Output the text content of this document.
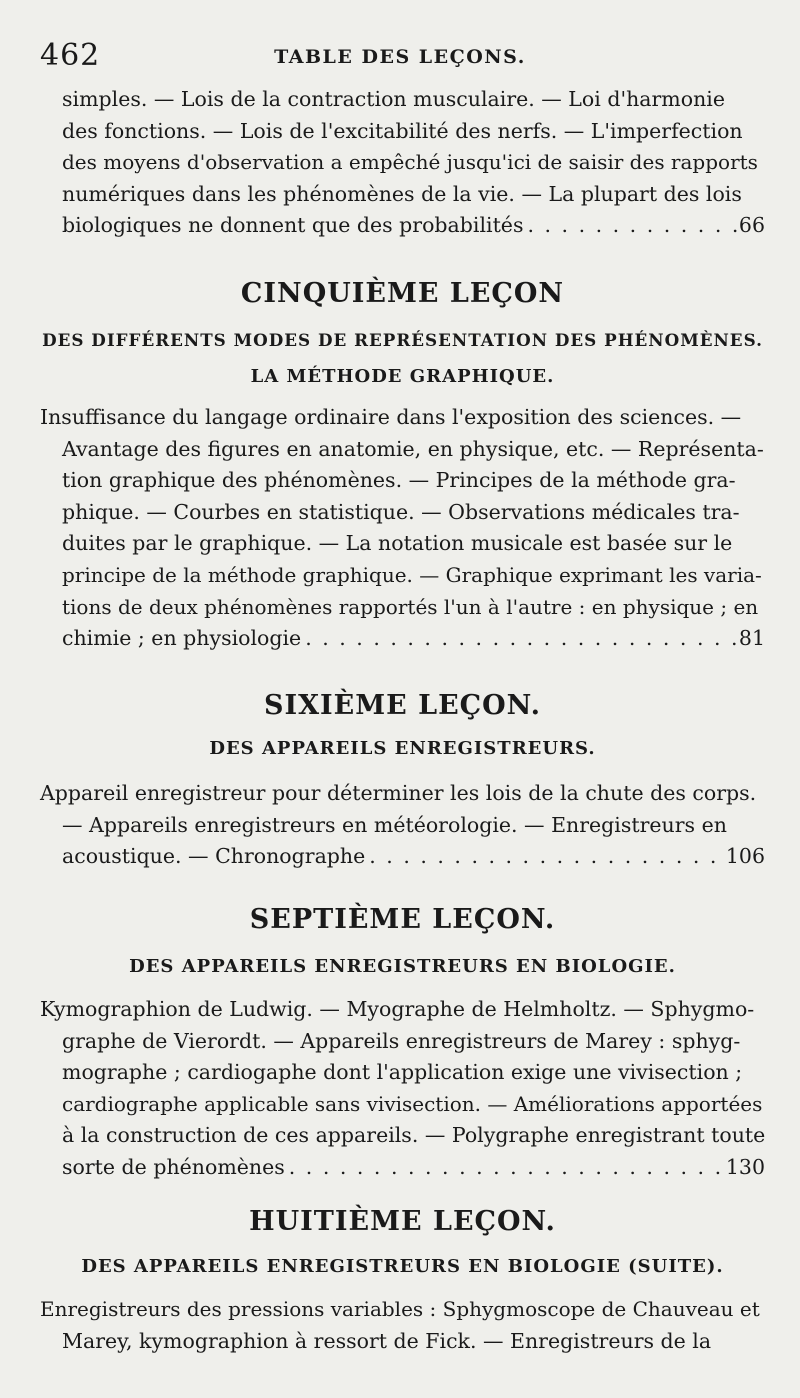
462	TABLE DES LEÇONS.
simples. — Lois de la contraction musculaire. — Loi d'harmonie
des fonctions. — Lois de l'excitabilité des nerfs. — L'imperfection
des moyens d'observation a empêché jusqu'ici de saisir des rapports
numériques dans les phénomènes de la vie. — La plupart des lois
biologiques ne donnent que des probabilités . . .	66
CINQUIÈME LEÇON
DES DIFFÉRENTS MODES DE REPRÉSENTATION DES PHÉNOMÈNES.
LA MÉTHODE GRAPHIQUE.
Insuffisance du langage ordinaire dans l'exposition des sciences. —
Avantage des figures en anatomie, en physique, etc. — Représenta-
tion graphique des phénomènes. — Principes de la méthode gra-
phique. — Courbes en statistique. — Observations médicales tra-
duites par le graphique. — La notation musicale est basée sur le
principe de la méthode graphique. — Graphique exprimant les varia-
tions de deux phénomènes rapportés l'un à l'autre : en physique ; en
chimie ; en physiologie . . .	81
SIXIÈME LEÇON.
DES APPAREILS ENREGISTREURS.
Appareil enregistreur pour déterminer les lois de la chute des corps.
— Appareils enregistreurs en météorologie. — Enregistreurs en
acoustique. — Chronographe . . .	106
SEPTIÈME LEÇON.
DES APPAREILS ENREGISTREURS EN BIOLOGIE.
Kymographion de Ludwig. — Myographe de Helmholtz. — Sphygmo-
graphe de Vierordt. — Appareils enregistreurs de Marey : sphyg-
mographe ; cardiogaphe dont l'application exige une vivisection ;
cardiographe applicable sans vivisection. — Améliorations apportées
à la construction de ces appareils. — Polygraphe enregistrant toute
sorte de phénomènes . . .	130
HUITIÈME LEÇON.
DES APPAREILS ENREGISTREURS EN BIOLOGIE (SUITE).
Enregistreurs des pressions variables : Sphygmoscope de Chauveau et
Marey, kymographion à ressort de Fick. — Enregistreurs de la
